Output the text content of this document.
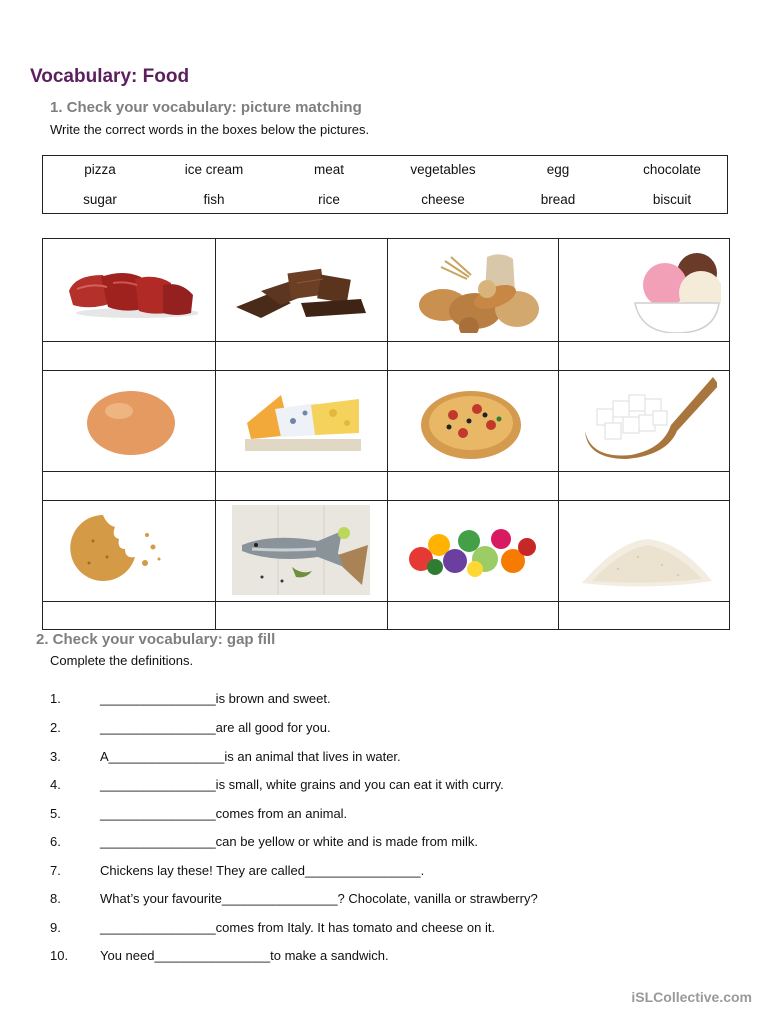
Vocabulary: Food
1. Check your vocabulary: picture matching
Write the correct words in the boxes below the pictures.
pizza	ice cream	meat	vegetables	egg	chocolate
sugar	fish	rice	cheese	bread	biscuit
2. Check your vocabulary: gap fill
Complete the definitions.
1.	________________is brown and sweet.
2.	________________are all good for you.
3.	A________________is an animal that lives in water.
4.	________________is small, white grains and you can eat it with curry.
5.	________________comes from an animal.
6.	________________can be yellow or white and is made from milk.
7.	Chickens lay these! They are called________________.
8.	What’s your favourite________________? Chocolate, vanilla or strawberry?
9.	________________comes from Italy. It has tomato and cheese on it.
10. You need________________to make a sandwich.
iSLCollective.com
